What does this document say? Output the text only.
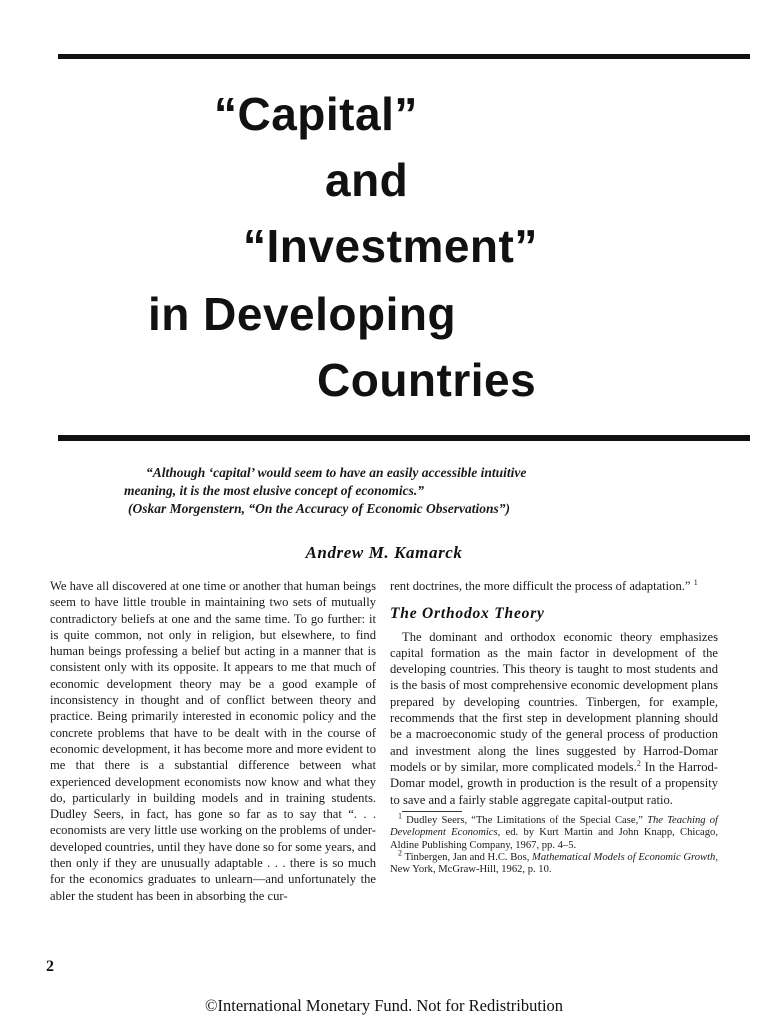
“Capital”
and
“Investment”
in Developing
Countries
“Although ‘capital’ would seem to have an easily accessible intuitive
meaning, it is the most elusive concept of economics.”
(Oskar Morgenstern, “On the Accuracy of Economic Observations”)
Andrew M. Kamarck

We have all discovered at one time or another that human beings seem to have little trouble in maintaining two sets of mutually contradictory beliefs at one and the same time. To go further: it is quite common, not only in religion, but elsewhere, to find human beings professing a belief but acting in a manner that is consistent only with its opposite. It appears to me that much of economic development theory may be a good example of inconsistency in thought and of conflict between theory and practice. Being primarily interested in economic policy and the concrete problems that have to be dealt with in the course of economic development, it has become more and more evident to me that there is a substantial difference between what experienced development economists now know and what they do, particularly in building models and in training students. Dudley Seers, in fact, has gone so far as to say that “. . . economists are very little use working on the problems of under-developed countries, until they have done so for some years, and then only if they are unusually adaptable . . . there is so much for the economics graduates to unlearn—and unfortunately the abler the student has been in absorbing the cur-

rent doctrines, the more difficult the process of adaptation.” $^1$

The Orthodox Theory

The dominant and orthodox economic theory emphasizes capital formation as the main factor in development of the developing countries. This theory is taught to most students and is the basis of most comprehensive economic development plans prepared by developing countries. Tinbergen, for example, recommends that the first step in development planning should be a macroeconomic study of the general process of production and investment along the lines suggested by Harrod-Domar models or by similar, more complicated models.$^2$ In the Harrod-Domar model, growth in production is the result of a propensity to save and a fairly stable aggregate capital-output ratio.

$^1$ Dudley Seers, “The Limitations of the Special Case,” The Teaching of Development Economics, ed. by Kurt Martin and John Knapp, Chicago, Aldine Publishing Company, 1967, pp. 4–5.

$^2$ Tinbergen, Jan and H.C. Bos, Mathematical Models of Economic Growth, New York, McGraw-Hill, 1962, p. 10.

2
©International Monetary Fund. Not for Redistribution
